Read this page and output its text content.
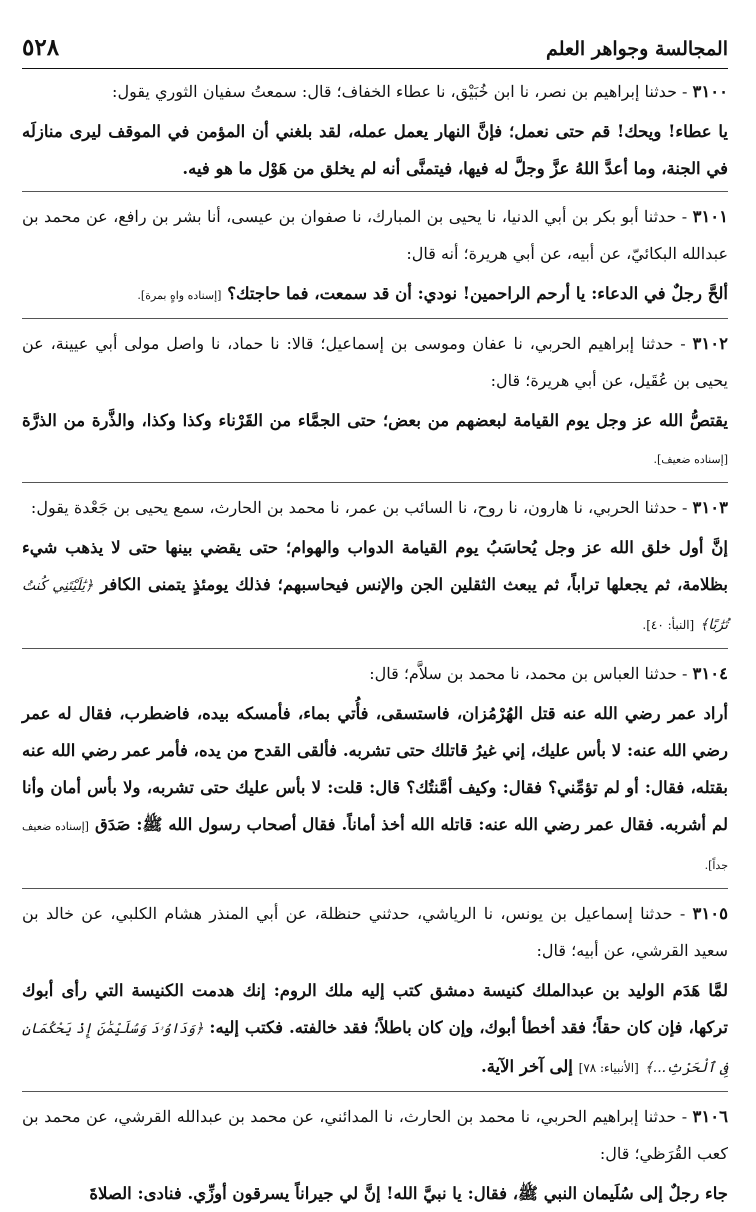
المجالسة وجواهر العلم
٥٢٨

٣١٠٠ - حدثنا إبراهيم بن نصر، نا ابن خُبَيْق، نا عطاء الخفاف؛ قال: سمعتُ سفيان الثوري يقول:

يا عطاء! ويحك! قم حتى نعمل؛ فإنَّ النهار يعمل عمله، لقد بلغني أن المؤمن في الموقف ليرى منازلَه في الجنة، وما أعدَّ اللهُ عزَّ وجلَّ له فيها، فيتمنَّى أنه لم يخلق من هَوْل ما هو فيه.

٣١٠١ - حدثنا أبو بكر بن أبي الدنيا، نا يحيى بن المبارك، نا صفوان بن عيسى، أنا بشر بن رافع، عن محمد بن عبدالله البكائيّ، عن أبيه، عن أبي هريرة؛ أنه قال:

ألحَّ رجلٌ في الدعاء: يا أرحم الراحمين! نودي: أن قد سمعت، فما حاجتك؟ [إسناده واهٍ بمرة].

٣١٠٢ - حدثنا إبراهيم الحربي، نا عفان وموسى بن إسماعيل؛ قالا: نا حماد، نا واصل مولى أبي عيينة، عن يحيى بن عُقَيل، عن أبي هريرة؛ قال:

يقتصُّ الله عز وجل يوم القيامة لبعضهم من بعض؛ حتى الجمَّاء من القَرْناء وكذا وكذا، والذَّرة من الذرَّة [إسناده ضعيف].

٣١٠٣ - حدثنا الحربي، نا هارون، نا روح، نا السائب بن عمر، نا محمد بن الحارث، سمع يحيى بن جَعْدة يقول:

إنَّ أول خلق الله عز وجل يُحاسَبُ يوم القيامة الدواب والهوام؛ حتى يقضي بينها حتى لا يذهب شيء بظلامة، ثم يجعلها تراباً، ثم يبعث الثقلين الجن والإنس فيحاسبهم؛ فذلك يومئذٍ يتمنى الكافر ﴿يَٰلَيْتَنِي كُنتُ تُرَٰبًا﴾ [النبأ: ٤٠].

٣١٠٤ - حدثنا العباس بن محمد، نا محمد بن سلاَّم؛ قال:

أراد عمر رضي الله عنه قتل الهُرْمُزان، فاستسقى، فأُتي بماء، فأمسكه بيده، فاضطرب، فقال له عمر رضي الله عنه: لا بأس عليك، إني غيرُ قاتلك حتى تشربه. فألقى القدح من يده، فأمر عمر رضي الله عنه بقتله، فقال: أو لم تؤمِّني؟ فقال: وكيف أمَّنتُك؟ قال: قلت: لا بأس عليك حتى تشربه، ولا بأس أمان وأنا لم أشربه. فقال عمر رضي الله عنه: قاتله الله أخذ أماناً. فقال أصحاب رسول الله ﷺ: صَدَق [إسناده ضعيف جداً].

٣١٠٥ - حدثنا إسماعيل بن يونس، نا الرياشي، حدثني حنظلة، عن أبي المنذر هشام الكلبي، عن خالد بن سعيد القرشي، عن أبيه؛ قال:

لمَّا هَدَم الوليد بن عبدالملك كنيسة دمشق كتب إليه ملك الروم: إنك هدمت الكنيسة التي رأى أبوك تركها، فإن كان حقاً؛ فقد أخطأ أبوك، وإن كان باطلاً؛ فقد خالفته. فكتب إليه: ﴿وَدَاوُۥدَ وَسُلَيْمَٰنَ إِذْ يَحْكُمَانِ فِى ٱلْحَرْثِ...﴾ [الأنبياء: ٧٨] إلى آخر الآية.

٣١٠٦ - حدثنا إبراهيم الحربي، نا محمد بن الحارث، نا المدائني، عن محمد بن عبدالله القرشي، عن محمد بن كعب القُرَظي؛ قال:

جاء رجلٌ إلى سُلَيمان النبي ﷺ، فقال: يا نبيَّ الله! إنَّ لي جيراناً يسرقون أوزِّي. فنادى: الصلاةَ
